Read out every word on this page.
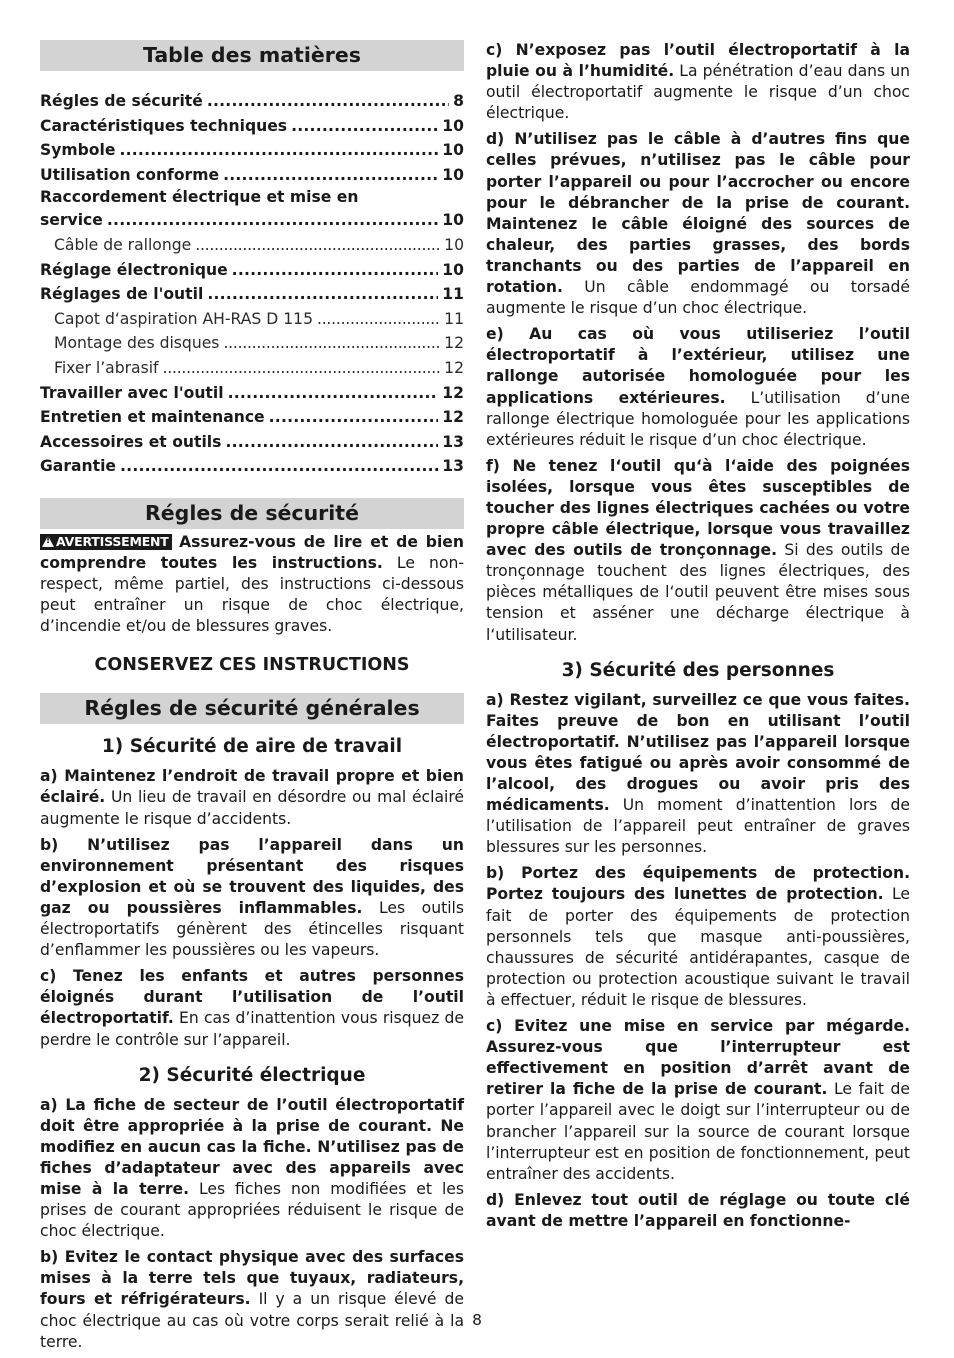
Table des matières
Régles de sécurité . . .	8
Caractéristiques techniques . . .	10
Symbole . . .	10
Utilisation conforme . . .	10
Raccordement électrique et mise en
service . . .	10
Câble de rallonge . . .	10
Réglage électronique . . .	10
Réglages de l'outil . . .	11
Capot d‘aspiration AH-RAS D 115 . . .	11
Montage des disques . . .	12
Fixer l’abrasif . . .	12
Travailler avec l'outil . . .	12
Entretien et maintenance . . .	12
Accessoires et outils . . .	13
Garantie . . .	13
Régles de sécurité

!AVERTISSEMENT Assurez-vous de lire et de bien comprendre toutes les instructions. Le non-respect, même partiel, des instructions ci-dessous peut entraîner un risque de choc électrique, d’incendie et/ou de blessures graves.

CONSERVEZ CES INSTRUCTIONS
Régles de sécurité générales
1) Sécurité de aire de travail

a) Maintenez l’endroit de travail propre et bien éclairé. Un lieu de travail en désordre ou mal éclairé augmente le risque d’accidents.

b) N’utilisez pas l’appareil dans un environnement présentant des risques d’explosion et où se trouvent des liquides, des gaz ou poussières inflammables. Les outils électroportatifs génèrent des étincelles risquant d’enflammer les poussières ou les vapeurs.

c) Tenez les enfants et autres personnes éloignés durant l’utilisation de l’outil électroportatif. En cas d’inattention vous risquez de perdre le contrôle sur l’appareil.

2) Sécurité électrique

a) La fiche de secteur de l’outil électroportatif doit être appropriée à la prise de courant. Ne modifiez en aucun cas la fiche. N’utilisez pas de fiches d’adaptateur avec des appareils avec mise à la terre. Les fiches non modifiées et les prises de courant appropriées réduisent le risque de choc électrique.

b) Evitez le contact physique avec des surfaces mises à la terre tels que tuyaux, radiateurs, fours et réfrigérateurs. Il y a un risque élevé de choc électrique au cas où votre corps serait relié à la terre.

c) N’exposez pas l’outil électroportatif à la pluie ou à l’humidité. La pénétration d’eau dans un outil électroportatif augmente le risque d’un choc électrique.

d) N’utilisez pas le câble à d’autres fins que celles prévues, n’utilisez pas le câble pour porter l’appareil ou pour l’accrocher ou encore pour le débrancher de la prise de courant. Maintenez le câble éloigné des sources de chaleur, des parties grasses, des bords tranchants ou des parties de l’appareil en rotation. Un câble endommagé ou torsadé augmente le risque d’un choc électrique.

e) Au cas où vous utiliseriez l’outil électroportatif à l’extérieur, utilisez une rallonge autorisée homologuée pour les applications extérieures. L’utilisation d’une rallonge électrique homologuée pour les applications extérieures réduit le risque d’un choc électrique.

f) Ne tenez l‘outil qu‘à l‘aide des poignées isolées, lorsque vous êtes susceptibles de toucher des lignes électriques cachées ou votre propre câble électrique, lorsque vous travaillez avec des outils de tronçonnage. Si des outils de tronçonnage touchent des lignes électriques, des pièces métalliques de l‘outil peuvent être mises sous tension et asséner une décharge électrique à l‘utilisateur.

3) Sécurité des personnes

a) Restez vigilant, surveillez ce que vous faites. Faites preuve de bon en utilisant l’outil électroportatif. N’utilisez pas l’appareil lorsque vous êtes fatigué ou après avoir consommé de l’alcool, des drogues ou avoir pris des médicaments. Un moment d’inattention lors de l’utilisation de l’appareil peut entraîner de graves blessures sur les personnes.

b) Portez des équipements de protection. Portez toujours des lunettes de protection. Le fait de porter des équipements de protection personnels tels que masque anti-poussières, chaussures de sécurité antidérapantes, casque de protection ou protection acoustique suivant le travail à effectuer, réduit le risque de blessures.

c) Evitez une mise en service par mégarde. Assurez-vous que l’interrupteur est effectivement en position d’arrêt avant de retirer la fiche de la prise de courant. Le fait de porter l’appareil avec le doigt sur l’interrupteur ou de brancher l’appareil sur la source de courant lorsque l’interrupteur est en position de fonctionnement, peut entraîner des accidents.

d) Enlevez tout outil de réglage ou toute clé avant de mettre l’appareil en fonctionne-

8
